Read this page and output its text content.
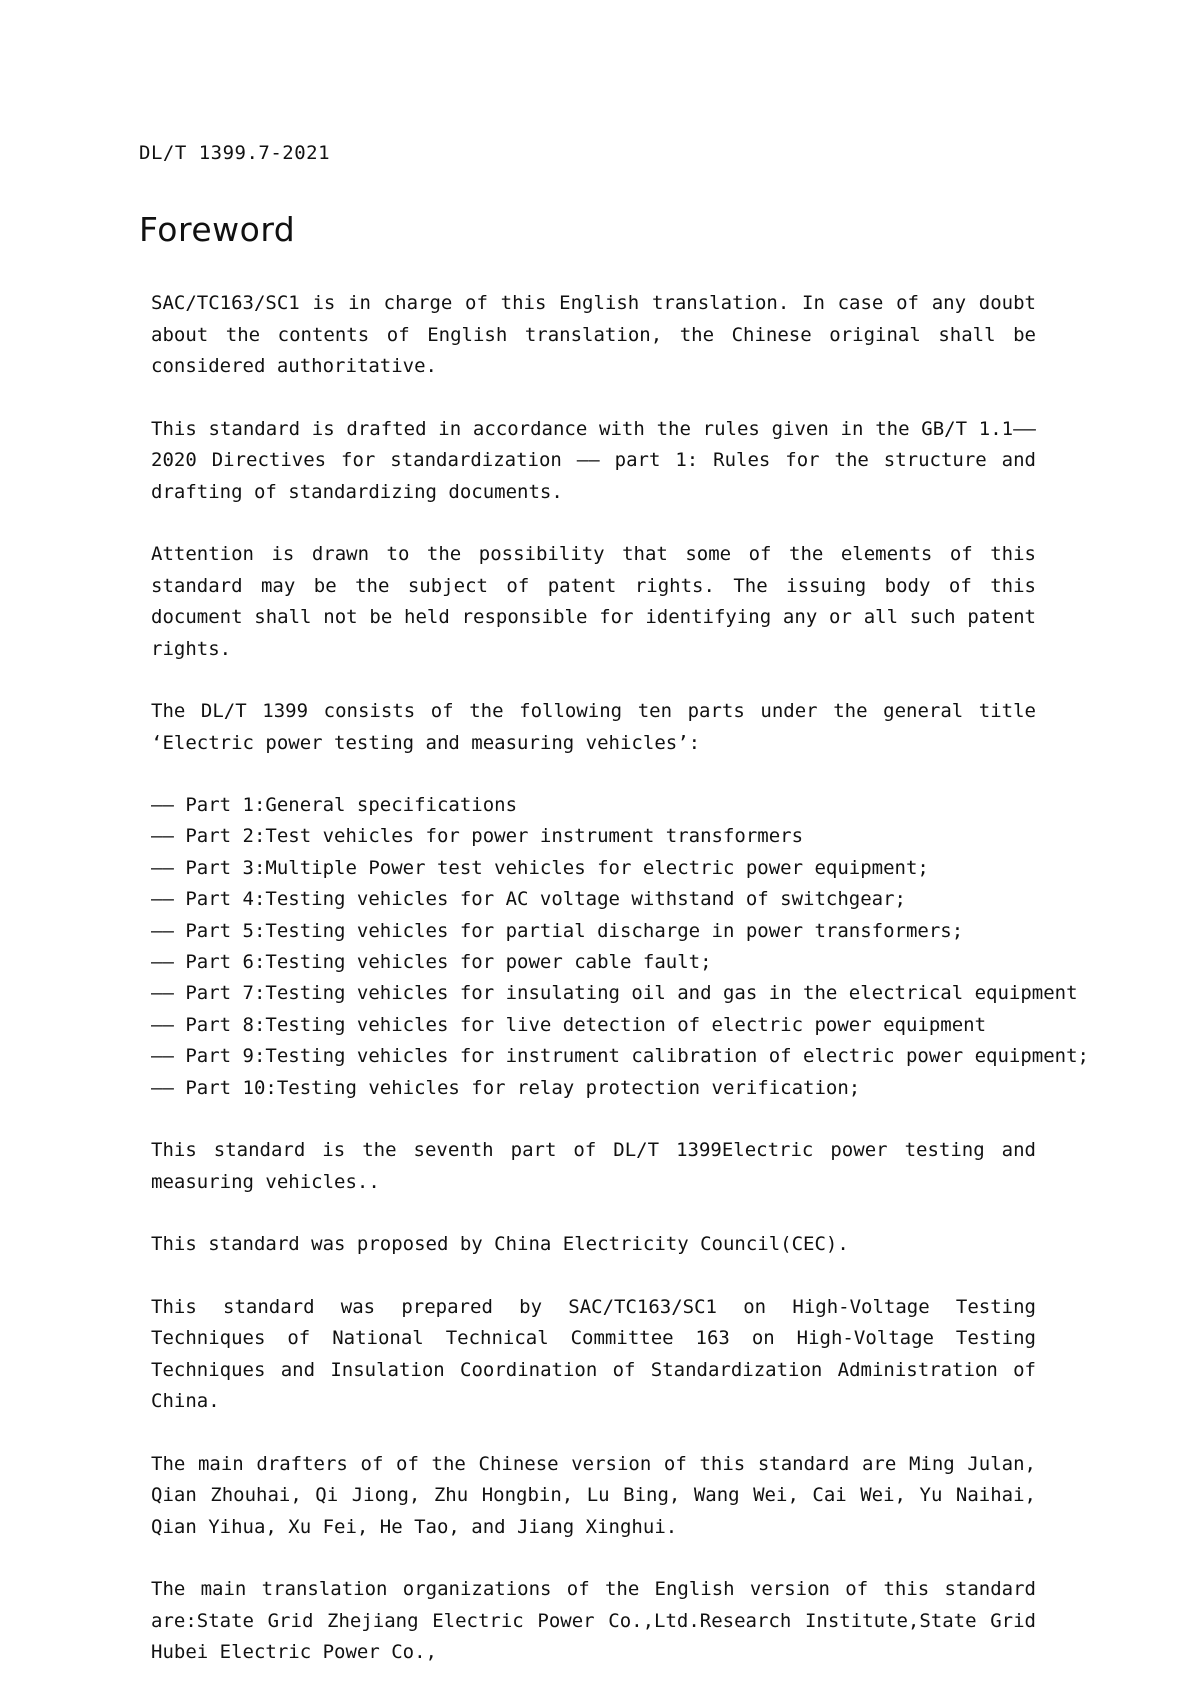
DL/T 1399.7-2021
Foreword

SAC/TC163/SC1 is in charge of this English translation. In case of any doubt about the contents of English translation, the Chinese original shall be considered authoritative.

This standard is drafted in accordance with the rules given in the GB/T 1.1——2020 Directives for standardization —— part 1: Rules for the structure and drafting of standardizing documents.

Attention is drawn to the possibility that some of the elements of this standard may be the subject of patent rights. The issuing body of this document shall not be held responsible for identifying any or all such patent rights.

The DL/T 1399 consists of the following ten parts under the general title ‘Electric power testing and measuring vehicles’:

—— Part 1:General specifications
—— Part 2:Test vehicles for power instrument transformers
—— Part 3:Multiple Power test vehicles for electric power equipment;
—— Part 4:Testing vehicles for AC voltage withstand of switchgear;
—— Part 5:Testing vehicles for partial discharge in power transformers;
—— Part 6:Testing vehicles for power cable fault;
—— Part 7:Testing vehicles for insulating oil and gas in the electrical equipment
—— Part 8:Testing vehicles for live detection of electric power equipment
—— Part 9:Testing vehicles for instrument calibration of electric power equipment;
—— Part 10:Testing vehicles for relay protection verification;

This standard is the seventh part of DL/T 1399Electric power testing and measuring vehicles..

This standard was proposed by China Electricity Council(CEC).

This standard was prepared by SAC/TC163/SC1 on High-Voltage Testing Techniques of National Technical Committee 163 on High-Voltage Testing Techniques and Insulation Coordination of Standardization Administration of China.

The main drafters of of the Chinese version of this standard are Ming Julan, Qian Zhouhai, Qi Jiong, Zhu Hongbin, Lu Bing, Wang Wei, Cai Wei, Yu Naihai, Qian Yihua, Xu Fei, He Tao, and Jiang Xinghui.

The main translation organizations of the English version of this standard are:State Grid Zhejiang Electric Power Co.,Ltd.Research Institute,State Grid Hubei Electric Power Co.,
